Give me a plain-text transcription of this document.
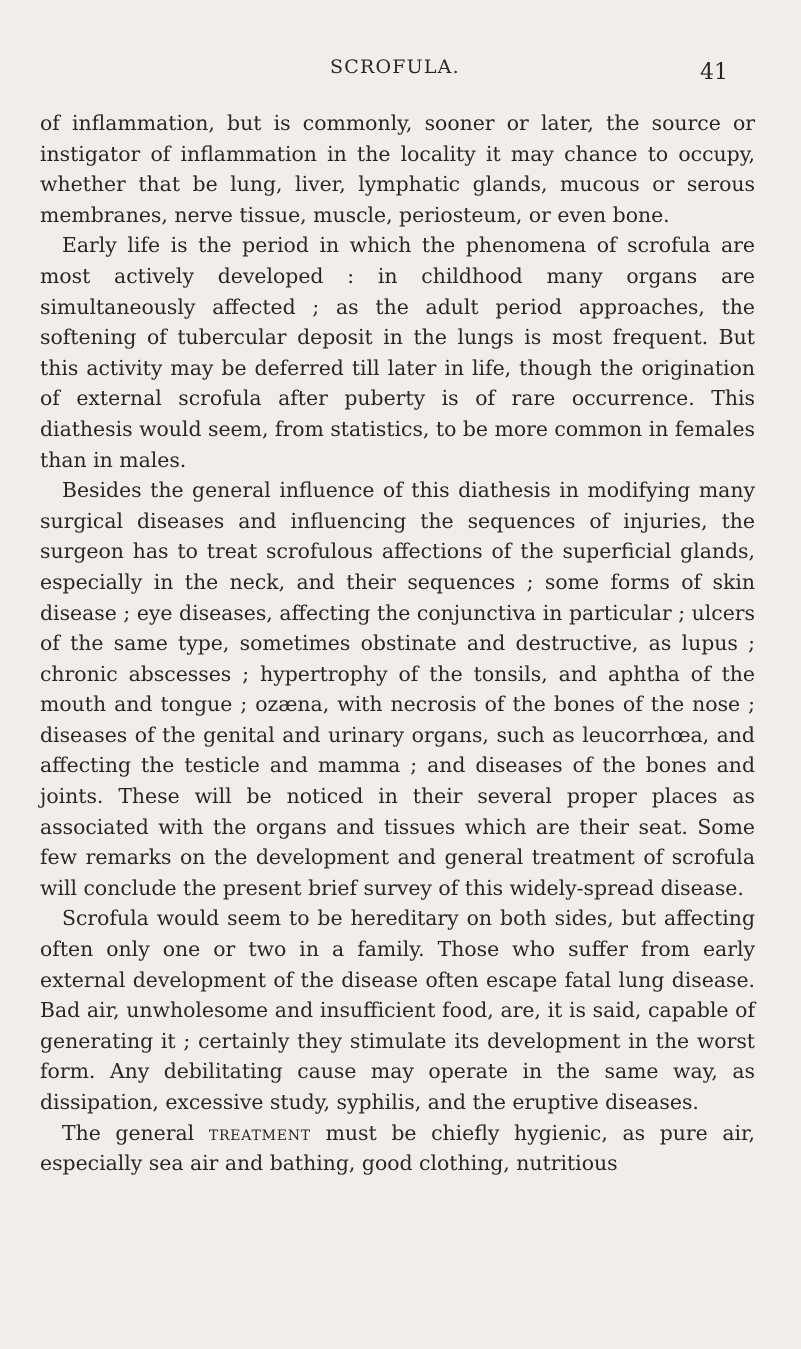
SCROFULA.	41

of inflammation, but is commonly, sooner or later, the source or instigator of inflammation in the locality it may chance to occupy, whether that be lung, liver, lymphatic glands, mucous or serous membranes, nerve tissue, muscle, periosteum, or even bone.

Early life is the period in which the phenomena of scrofula are most actively developed : in childhood many organs are simultaneously affected ; as the adult period approaches, the softening of tubercular deposit in the lungs is most frequent. But this activity may be deferred till later in life, though the origination of external scrofula after puberty is of rare occurrence. This diathesis would seem, from statistics, to be more common in females than in males.

Besides the general influence of this diathesis in modifying many surgical diseases and influencing the sequences of injuries, the surgeon has to treat scrofulous affections of the superficial glands, especially in the neck, and their sequences ; some forms of skin disease ; eye diseases, affecting the conjunctiva in particular ; ulcers of the same type, sometimes obstinate and destructive, as lupus ; chronic abscesses ; hypertrophy of the tonsils, and aphtha of the mouth and tongue ; ozæna, with necrosis of the bones of the nose ; diseases of the genital and urinary organs, such as leucorrhœa, and affecting the testicle and mamma ; and diseases of the bones and joints. These will be noticed in their several proper places as associated with the organs and tissues which are their seat. Some few remarks on the development and general treatment of scrofula will conclude the present brief survey of this widely-spread disease.

Scrofula would seem to be hereditary on both sides, but affecting often only one or two in a family. Those who suffer from early external development of the disease often escape fatal lung disease. Bad air, unwholesome and insufficient food, are, it is said, capable of generating it ; certainly they stimulate its development in the worst form. Any debilitating cause may operate in the same way, as dissipation, excessive study, syphilis, and the eruptive diseases.

The general treatment must be chiefly hygienic, as pure air, especially sea air and bathing, good clothing, nutritious
